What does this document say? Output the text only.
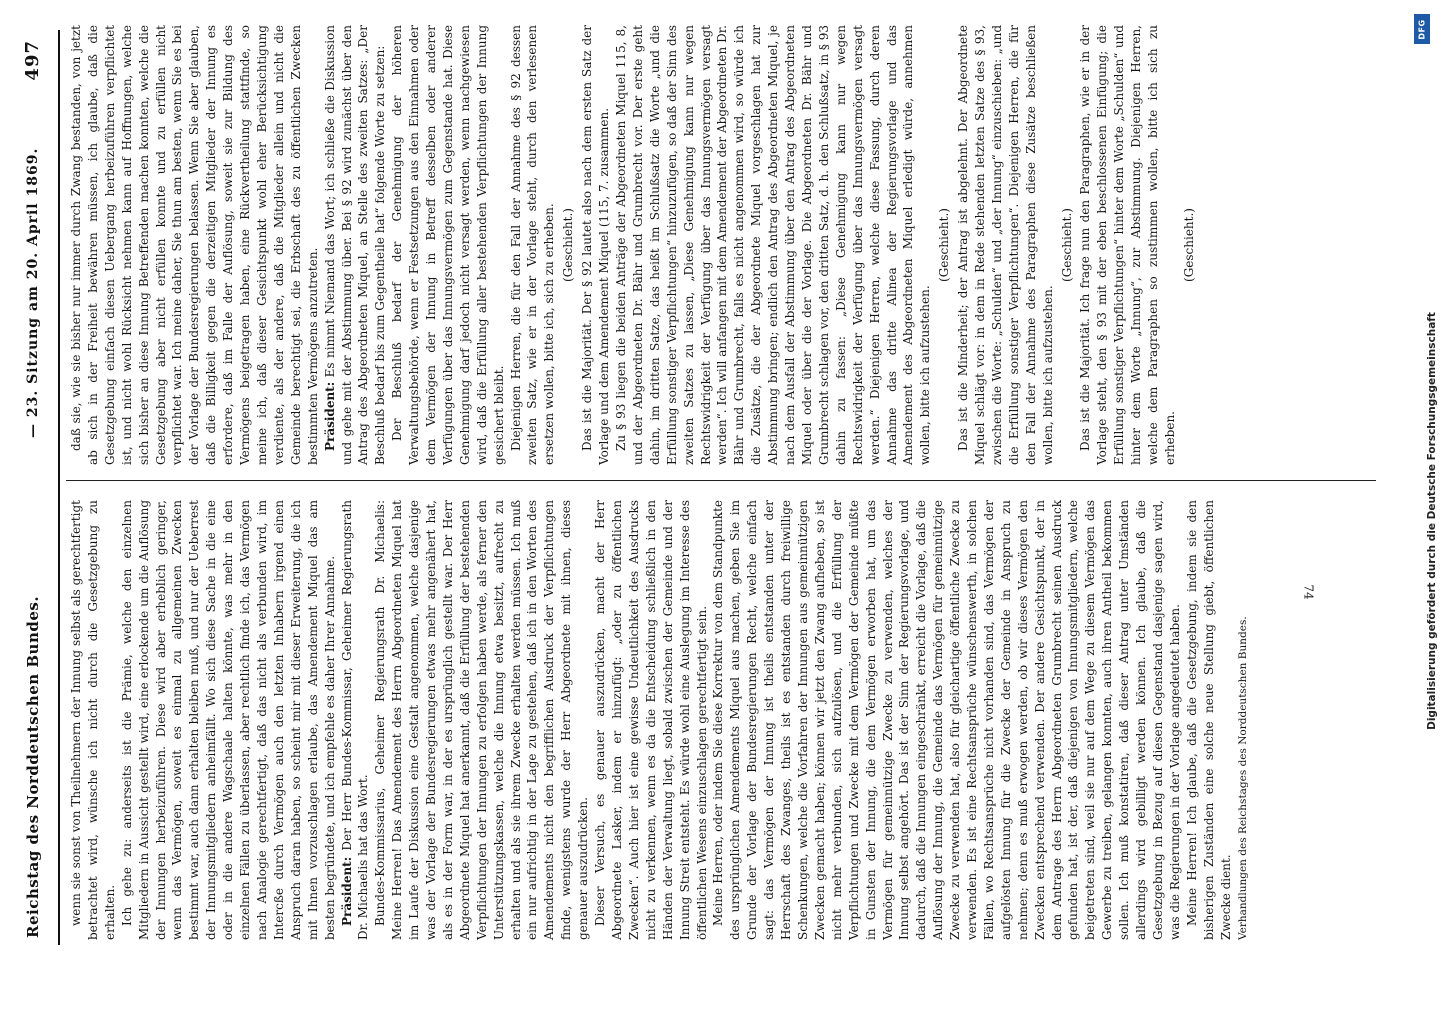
Reichstag des Norddeutschen Bundes.
— 23. Sitzung am 20. April 1869.
497

wenn sie sonst von Theilnehmern der Innung selbst als gerechtfertigt betrachtet wird, wünsche ich nicht durch die Gesetzgebung zu erhalten. Ich gehe zu: anderseits ist die Prämie, welche den einzelnen Mitgliedern in Aussicht gestellt wird, eine erlockende um die Auflösung der Innungen herbeizuführen. Diese wird aber erheblich geringer, wenn das Vermögen, soweit es einmal zu allgemeinen Zwecken bestimmt war, auch dann erhalten bleiben muß, und nur der Ueberrest der Innungsmitgliedern anheimfällt. Wo sich diese Sache in die eine oder in die andere Wagschaale halten könnte, was mehr in den einzelnen Fällen zu überlassen, aber rechtlich finde ich, das Vermögen nach Analogie gerechtfertigt, daß das nicht als verbunden wird, im Intercße durch Vermögen auch den letzten Inhabern irgend einen Anspruch daran haben, so scheint mir mit dieser Erweiterung, die ich mit Ihnen vorzuschlagen erlaube, das Amendement Miquel das am besten begründete, und ich empfehle es daher Ihrer Annahme. Präsident: Der Herr Bundes-Kommissar, Geheimer Regierungsrath Dr. Michaelis hat das Wort. Bundes-Kommissarius, Geheimer Regierungsrath Dr. Michaelis: Meine Herren! Das Amendement des Herrn Abgeordneten Miquel hat im Laufe der Diskussion eine Gestalt angenommen, welche dasjenige was der Vorlage der Bundesregierungen etwas mehr angenähert hat, als es in der Form war, in der es ursprünglich gestellt war. Der Herr Abgeordnete Miquel hat anerkannt, daß die Erfüllung der bestehenden Verpflichtungen der Innungen zu erfolgen haben werde, als ferner den Unterstützungskassen, welche die Innung etwa besitzt, aufrecht zu erhalten und als sie ihrem Zwecke erhalten werden müssen. Ich muß ein nur aufrichtig in der Lage zu gestehen, daß ich in den Worten des Amendements nicht den begrifflichen Ausdruck der Verpflichtungen finde, wenigstens wurde der Herr Abgeordnete mit ihnen, dieses genauer auszudrücken. Dieser Versuch, es genauer auszudrücken, macht der Herr Abgeordnete Lasker, indem er hinzufügt: „oder zu öffentlichen Zwecken“. Auch hier ist eine gewisse Undeutlichkeit des Ausdrucks nicht zu verkennen, wenn es da die Entscheidung schließlich in den Händen der Verwaltung liegt, sobald zwischen der Gemeinde und der Innung Streit entsteht. Es würde wohl eine Auslegung im Interesse des öffentlichen Wesens einzuschlagen gerechtfertigt sein. Meine Herren, oder indem Sie diese Korrektur von dem Standpunkte des ursprünglichen Amendements Miquel aus machen, geben Sie im Grunde der Vorlage der Bundesregierungen Recht, welche einfach sagt: das Vermögen der Innung ist theils entstanden unter der Herrschaft des Zwanges, theils ist es entstanden durch freiwillige Schenkungen, welche die Vorfahren der Innungen aus gemeinnützigen Zwecken gemacht haben; können wir jetzt den Zwang aufheben, so ist nicht mehr verbunden, sich aufzulösen, und die Erfüllung der Verpflichtungen und Zwecke mit dem Vermögen der Gemeinde müßte in Gunsten der Innung, die dem Vermögen erworben hat, um das Vermögen für gemeinnützige Zwecke zu verwenden, welches der Innung selbst angehört. Das ist der Sinn der Regierungsvorlage, und dadurch, daß die Innungen eingeschränkt, erreicht die Vorlage, daß die Auflösung der Innung, die Gemeinde das Vermögen für gemeinnützige Zwecke zu verwenden hat, also für gleichartige öffentliche Zwecke zu verwenden. Es ist eine Rechtsansprüche wünschenswerth, in solchen Fällen, wo Rechtsansprüche nicht vorhanden sind, das Vermögen der aufgelösten Innung für die Zwecke der Gemeinde in Anspruch zu nehmen; denn es muß erwogen werden, ob wir dieses Vermögen den Zwecken entsprechend verwenden. Der andere Gesichtspunkt, der in dem Antrage des Herrn Abgeordneten Grumbrecht seinen Ausdruck gefunden hat, ist der, daß diejenigen von Innungsmitgliedern, welche beigetreten sind, weil sie nur auf dem Wege zu diesem Vermögen das Gewerbe zu treiben, gelangen konnten, auch ihren Antheil bekommen sollen. Ich muß konstatiren, daß dieser Antrag unter Umständen allerdings wird gebilligt werden können. Ich glaube, daß die Gesetzgebung in Bezug auf diesen Gegenstand dasjenige sagen wird, was die Regierungen in der Vorlage angedeutet haben. Meine Herren! Ich glaube, daß die Gesetzgebung, indem sie den bisherigen Zuständen eine solche neue Stellung giebt, öffentlichen Zwecke dient. Verhandlungen des Reichstages des Norddeutschen Bundes.

daß sie, wie sie bisher nur immer durch Zwang bestanden, von jetzt ab sich in der Freiheit bewähren müssen, ich glaube, daß die Gesetzgebung einfach diesen Uebergang herbeizuführen verpflichtet ist, und nicht wohl Rücksicht nehmen kann auf Hoffnungen, welche sich bisher an diese Innung Betreffenden machen konnten, welche die Gesetzgebung aber nicht erfüllen konnte und zu erfüllen nicht verpflichtet war. Ich meine daher, Sie thun am besten, wenn Sie es bei der Vorlage der Bundesregierungen belassen. Wenn Sie aber glauben, daß die Billigkeit gegen die derzeitigen Mitglieder der Innung es erfordere, daß im Falle der Auflösung, soweit sie zur Bildung des Vermögens beigetragen haben, eine Rückvertheilung stattfinde, so meine ich, daß dieser Gesichtspunkt wohl eher Berücksichtigung verdiente, als der andere, daß die Mitglieder allein und nicht die Gemeinde berechtigt sei, die Erbschaft des zu öffentlichen Zwecken bestimmten Vermögens anzutreten. Präsident: Es nimmt Niemand das Wort; ich schließe die Diskussion und gehe mit der Abstimmung über. Bei § 92 wird zunächst über den Antrag des Abgeordneten Miquel, an Stelle des zweiten Satzes: „Der Beschluß bedarf bis zum Gegentheile hat“ folgende Worte zu setzen: Der Beschluß bedarf der Genehmigung der höheren Verwaltungsbehörde, wenn er Festsetzungen aus den Einnahmen oder dem Vermögen der Innung in Betreff desselben oder anderer Verfügungen über das Innungsvermögen zum Gegenstande hat. Diese Genehmigung darf jedoch nicht versagt werden, wenn nachgewiesen wird, daß die Erfüllung aller bestehenden Verpflichtungen der Innung gesichert bleibt. Diejenigen Herren, die für den Fall der Annahme des § 92 dessen zweiten Satz, wie er in der Vorlage steht, durch den verlesenen ersetzen wollen, bitte ich, sich zu erheben. (Geschieht.) Das ist die Majorität. Der § 92 lautet also nach dem ersten Satz der Vorlage und dem Amendement Miquel (115, 7. zusammen. Zu § 93 liegen die beiden Anträge der Abgeordneten Miquel 115, 8, und der Abgeordneten Dr. Bähr und Grumbrecht vor. Der erste geht dahin, im dritten Satze, das heißt im Schlußsatz die Worte „und die Erfüllung sonstiger Verpflichtungen“ hinzuzufügen, so daß der Sinn des zweiten Satzes zu lassen, „Diese Genehmigung kann nur wegen Rechtswidrigkeit der Verfügung über das Innungsvermögen versagt werden“. Ich will anfangen mit dem Amendement der Abgeordneten Dr. Bähr und Grumbrecht, falls es nicht angenommen wird, so würde ich die Zusätze, die der Abgeordnete Miquel vorgeschlagen hat zur Abstimmung bringen; endlich den Antrag des Abgeordneten Miquel, je nach dem Ausfall der Abstimmung über den Antrag des Abgeordneten Miquel oder über die der Vorlage. Die Abgeordneten Dr. Bähr und Grumbrecht schlagen vor, den dritten Satz, d. h. den Schlußsatz, in § 93 dahin zu fassen: „Diese Genehmigung kann nur wegen Rechtswidrigkeit der Verfügung über das Innungsvermögen versagt werden.“ Diejenigen Herren, welche diese Fassung, durch deren Annahme das dritte Alinea der Regierungsvorlage und das Amendement des Abgeordneten Miquel erledigt würde, annehmen wollen, bitte ich aufzustehen.

(Geschieht.) Das ist die Minderheit; der Antrag ist abgelehnt. Der Abgeordnete Miquel schlägt vor: in dem in Rede stehenden letzten Satze des § 93, zwischen die Worte: „Schulden“ und „der Innung“ einzuschieben: „und die Erfüllung sonstiger Verpflichtungen“. Diejenigen Herren, die für den Fall der Annahme des Paragraphen diese Zusätze beschließen wollen, bitte ich aufzustehen.

(Geschieht.) Das ist die Majorität. Ich frage nun den Paragraphen, wie er in der Vorlage steht, den § 93 mit der eben beschlossenen Einfügung; die Erfüllung sonstiger Verpflichtungen“ hinter dem Worte „Schulden“ und hinter dem Worte „Innung“, zur Abstimmung. Diejenigen Herren, welche dem Paragraphen so zustimmen wollen, bitte ich sich zu erheben.

(Geschieht.)

74
DFG
Digitalisierung gefördert durch die Deutsche Forschungsgemeinschaft
